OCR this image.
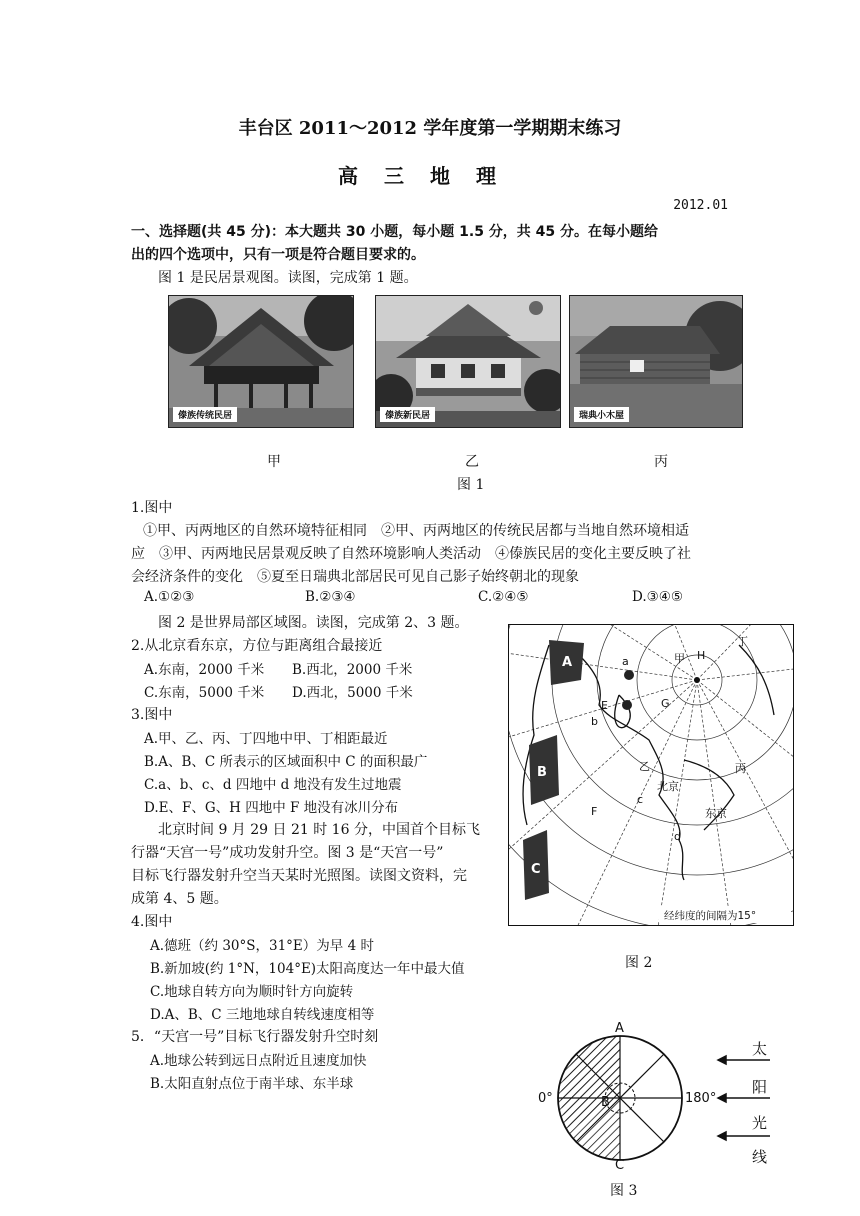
丰台区 2011～2012 学年度第一学期期末练习
高三地理
2012.01
一、选择题(共 45 分)：本大题共 30 小题，每小题 1.5 分，共 45 分。在每小题给
出的四个选项中，只有一项是符合题目要求的。
图 1 是民居景观图。读图，完成第 1 题。
傣族传统民居	傣族新民居	瑞典小木屋
甲	乙	丙
图 1
1.图中
①甲、丙两地区的自然环境特征相同　②甲、丙两地区的传统民居都与当地自然环境相适
应　③甲、丙两地民居景观反映了自然环境影响人类活动　④傣族民居的变化主要反映了社
会经济条件的变化　⑤夏至日瑞典北部居民可见自己影子始终朝北的现象
A.①②③	B.②③④	C.②④⑤	D.③④⑤
图 2 是世界局部区域图。读图，完成第 2、3 题。
2.从北京看东京，方位与距离组合最接近
A.东南，2000 千米 B.西北，2000 千米
C.东南，5000 千米 D.西北，5000 千米
3.图中
A.甲、乙、丙、丁四地中甲、丁相距最近
B.A、B、C 所表示的区域面积中 C 的面积最广
C.a、b、c、d 四地中 d 地没有发生过地震
D.E、F、G、H 四地中 F 地没有冰川分布
北京时间 9 月 29 日 21 时 16 分，中国首个目标飞
行器“天宫一号”成功发射升空。图 3 是“天宫一号”
目标飞行器发射升空当天某时光照图。读图文资料，完
成第 4、5 题。
4.图中
A.德班（约 30°S，31°E）为早 4 时
B.新加坡(约 1°N，104°E)太阳高度达一年中最大值
C.地球自转方向为顺时针方向旋转
D.A、B、C 三地地球自转线速度相等
5．“天宫一号”目标飞行器发射升空时刻
A.地球公转到远日点附近且速度加快
B.太阳直射点位于南半球、东半球
A
B
C
a
b
c
d
E
F
G
H
甲
乙	丙
丁
北京
东京
经纬度的间隔为15°
图 2
A
B
C
0°	180°
太
阳
光
线
图 3
